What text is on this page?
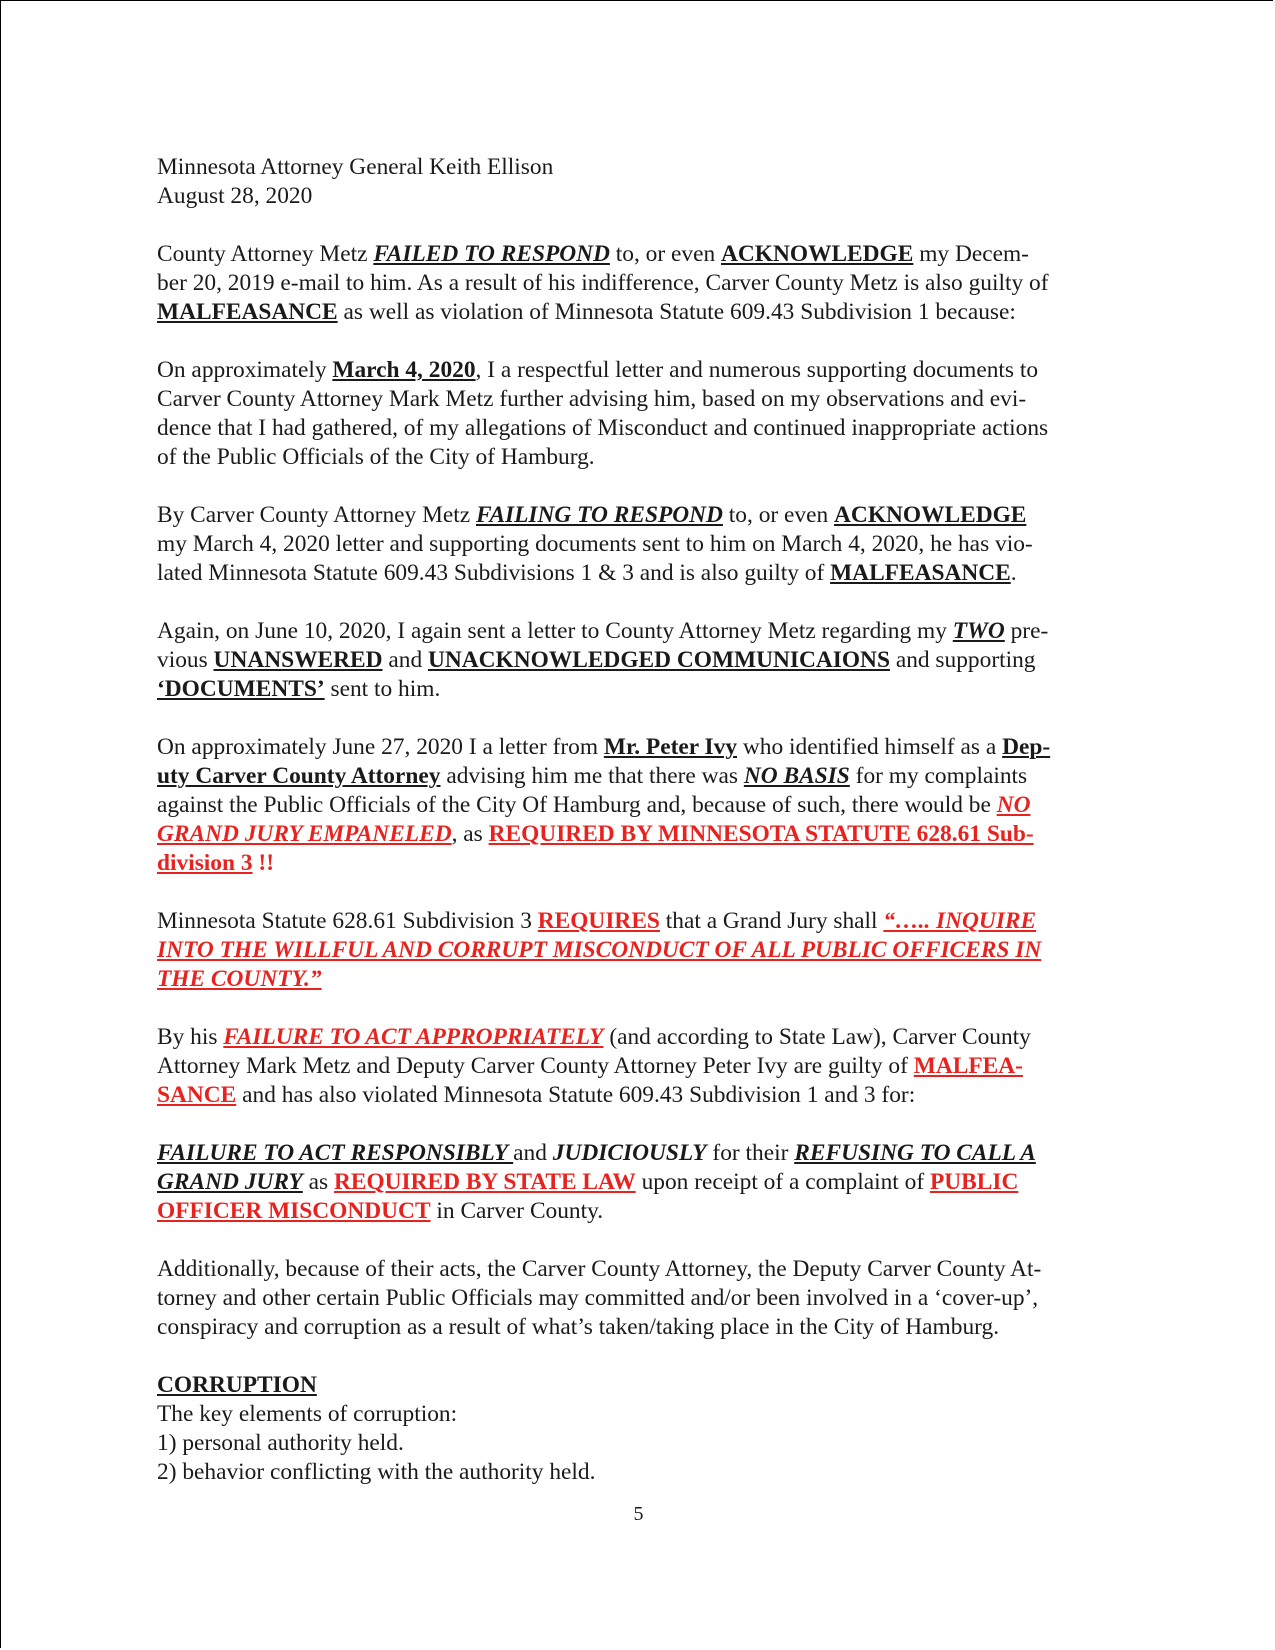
Minnesota Attorney General Keith Ellison

August 28, 2020

County Attorney Metz FAILED TO RESPOND to, or even ACKNOWLEDGE my Decem-
ber 20, 2019 e-mail to him. As a result of his indifference, Carver County Metz is also guilty of
MALFEASANCE as well as violation of Minnesota Statute 609.43 Subdivision 1 because:
On approximately March 4, 2020, I a respectful letter and numerous supporting documents to
Carver County Attorney Mark Metz further advising him, based on my observations and evi-
dence that I had gathered, of my allegations of Misconduct and continued inappropriate actions
of the Public Officials of the City of Hamburg.
By Carver County Attorney Metz FAILING TO RESPOND to, or even ACKNOWLEDGE
my March 4, 2020 letter and supporting documents sent to him on March 4, 2020, he has vio-
lated Minnesota Statute 609.43 Subdivisions 1 & 3 and is also guilty of MALFEASANCE.
Again, on June 10, 2020, I again sent a letter to County Attorney Metz regarding my TWO pre-
vious UNANSWERED and UNACKNOWLEDGED COMMUNICAIONS and supporting
‘DOCUMENTS’ sent to him.
On approximately June 27, 2020 I a letter from Mr. Peter Ivy who identified himself as a Dep-
uty Carver County Attorney advising him me that there was NO BASIS for my complaints
against the Public Officials of the City Of Hamburg and, because of such, there would be NO
GRAND JURY EMPANELED, as REQUIRED BY MINNESOTA STATUTE 628.61 Sub-
division 3 !!
Minnesota Statute 628.61 Subdivision 3 REQUIRES that a Grand Jury shall “….. INQUIRE
INTO THE WILLFUL AND CORRUPT MISCONDUCT OF ALL PUBLIC OFFICERS IN
THE COUNTY.”
By his FAILURE TO ACT APPROPRIATELY (and according to State Law), Carver County
Attorney Mark Metz and Deputy Carver County Attorney Peter Ivy are guilty of MALFEA-
SANCE and has also violated Minnesota Statute 609.43 Subdivision 1 and 3 for:
FAILURE TO ACT RESPONSIBLY and JUDICIOUSLY for their REFUSING TO CALL A
GRAND JURY as REQUIRED BY STATE LAW upon receipt of a complaint of PUBLIC
OFFICER MISCONDUCT in Carver County.
Additionally, because of their acts, the Carver County Attorney, the Deputy Carver County At-
torney and other certain Public Officials may committed and/or been involved in a ‘cover-up’,
conspiracy and corruption as a result of what’s taken/taking place in the City of Hamburg.
CORRUPTION
The key elements of corruption:
1) personal authority held.
2) behavior conflicting with the authority held.
5
